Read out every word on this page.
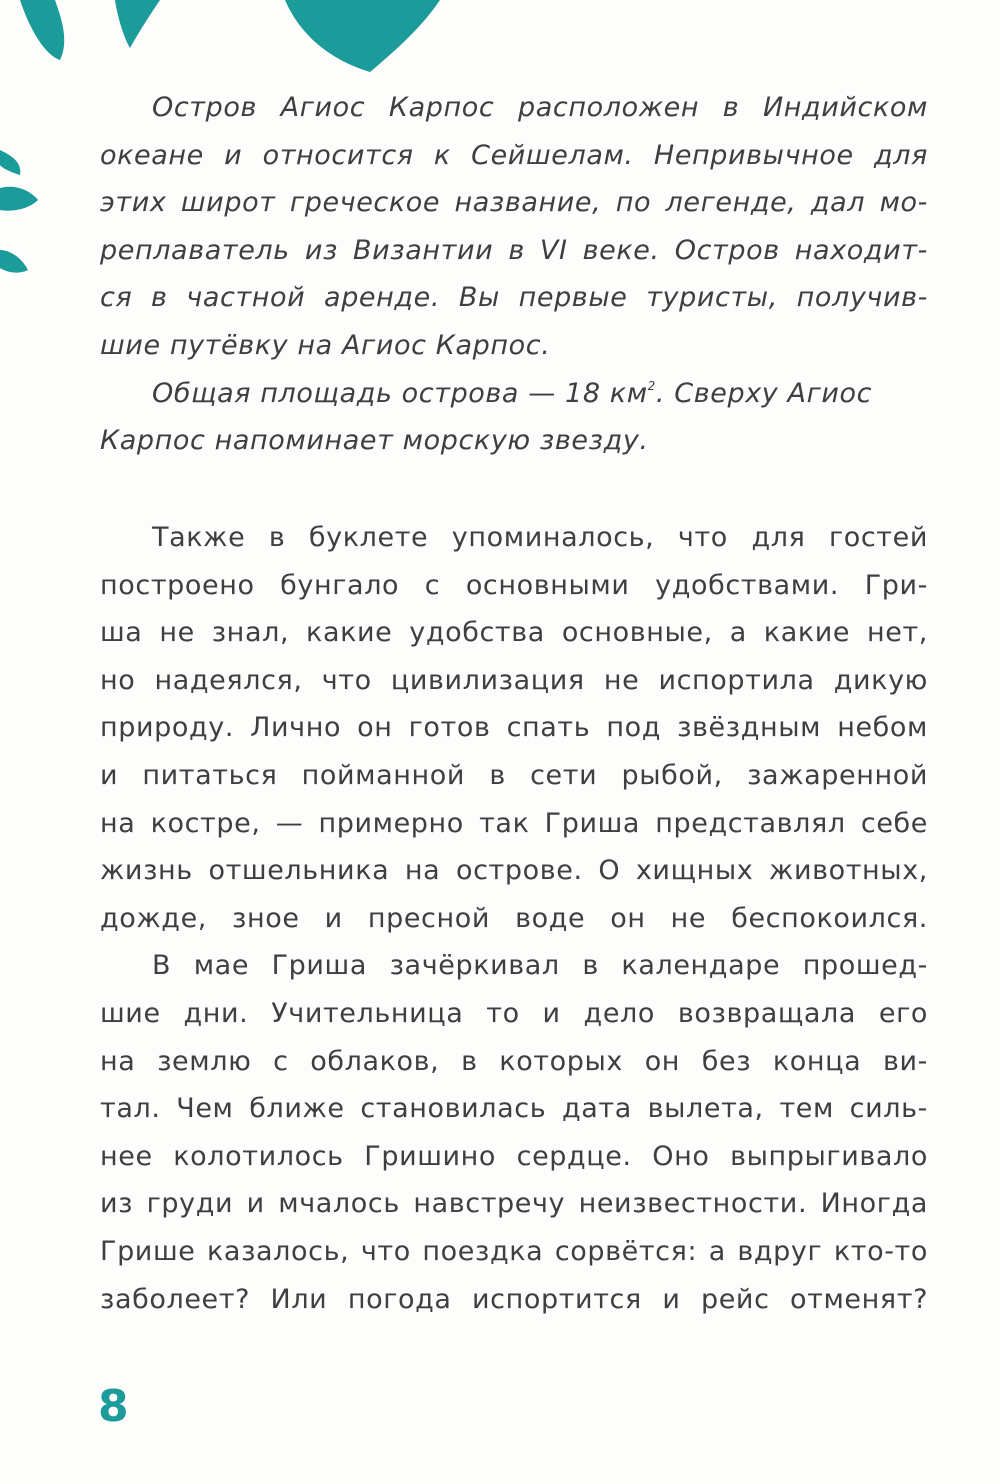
Остров Агиос Карпос расположен в Индийском
океане и относится к Сейшелам. Непривычное для
этих широт греческое название, по легенде, дал мо-
реплаватель из Византии в VI веке. Остров находит-
ся в частной аренде. Вы первые туристы, получив-
шие путёвку на Агиос Карпос.
Общая площадь острова — 18 $км^2$. Сверху Агиос
Карпос напоминает морскую звезду.
Также в буклете упоминалось, что для гостей
построено бунгало с основными удобствами. Гри-
ша не знал, какие удобства основные, а какие нет,
но надеялся, что цивилизация не испортила дикую
природу. Лично он готов спать под звёздным небом
и питаться пойманной в сети рыбой, зажаренной
на костре, — примерно так Гриша представлял себе
жизнь отшельника на острове. О хищных животных,
дожде, зное и пресной воде он не беспокоился.
В мае Гриша зачёркивал в календаре прошед-
шие дни. Учительница то и дело возвращала его
на землю с облаков, в которых он без конца ви-
тал. Чем ближе становилась дата вылета, тем силь-
нее колотилось Гришино сердце. Оно выпрыгивало
из груди и мчалось навстречу неизвестности. Иногда
Грише казалось, что поездка сорвётся: а вдруг кто-то
заболеет? Или погода испортится и рейс отменят?
8
